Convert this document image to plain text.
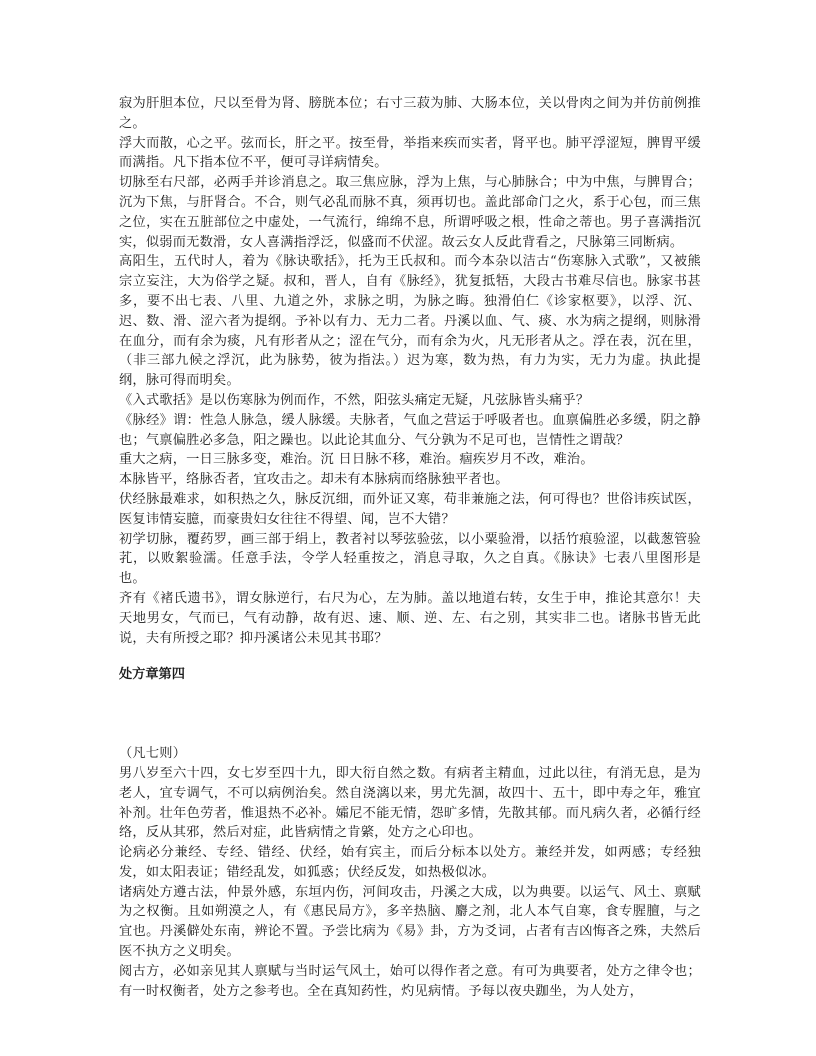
寂为肝胆本位，尺以至骨为肾、膀胱本位；右寸三菽为肺、大肠本位，关以骨肉之间为并仿前例推之。

浮大而散，心之平。弦而长，肝之平。按至骨，举指来疾而实者，肾平也。肺平浮涩短，脾胃平缓而满指。凡下指本位不平，便可寻详病情矣。

切脉至右尺部，必两手并诊消息之。取三焦应脉，浮为上焦，与心肺脉合；中为中焦，与脾胃合；沉为下焦，与肝肾合。不合，则气必乱而脉不真，须再切也。盖此部命门之火，系于心包，而三焦之位，实在五脏部位之中虚处，一气流行，绵绵不息，所谓呼吸之根，性命之蒂也。男子喜满指沉实，似弱而无数滑，女人喜满指浮泛，似盛而不伏涩。故云女人反此背看之，尺脉第三同断病。

高阳生，五代时人，着为《脉诀歌括》，托为王氏叔和。而今本杂以洁古“伤寒脉入式歌”，又被熊宗立妄注，大为俗学之疑。叔和，晋人，自有《脉经》，犹复抵牾，大段古书难尽信也。脉家书甚多，要不出七表、八里、九道之外，求脉之明，为脉之晦。独滑伯仁《诊家枢要》，以浮、沉、迟、数、滑、涩六者为提纲。予补以有力、无力二者。丹溪以血、气、痰、水为病之提纲，则脉滑在血分，而有余为痰，凡有形者从之；涩在气分，而有余为火，凡无形者从之。浮在表，沉在里，（非三部九候之浮沉，此为脉势，彼为指法。）迟为寒，数为热，有力为实，无力为虚。执此提纲，脉可得而明矣。

《入式歌括》是以伤寒脉为例而作，不然，阳弦头痛定无疑，凡弦脉皆头痛乎？

《脉经》谓：性急人脉急，缓人脉缓。夫脉者，气血之营运于呼吸者也。血禀偏胜必多缓，阴之静也；气禀偏胜必多急，阳之躁也。以此论其血分、气分孰为不足可也，岂情性之谓哉？

重大之病，一日三脉多变，难治。沉 日日脉不移，难治。痼疾岁月不改，难治。

本脉皆平，络脉否者，宜攻击之。却未有本脉病而络脉独平者也。

伏经脉最难求，如积热之久，脉反沉细，而外证又寒，苟非兼施之法，何可得也？世俗讳疾试医，医复讳情妄臆，而豪贵妇女往往不得望、闻，岂不大错？

初学切脉，覆药罗，画三部于绢上，教者衬以琴弦验弦，以小粟验滑，以括竹痕验涩，以截葱管验芤，以败絮验濡。任意手法，令学人轻重按之，消息寻取，久之自真。《脉诀》七表八里图形是也。

齐有《褚氏遗书》，谓女脉逆行，右尺为心，左为肺。盖以地道右转，女生于申，推论其意尔！夫天地男女，气而已，气有动静，故有迟、速、顺、逆、左、右之别，其实非二也。诸脉书皆无此说，夫有所授之耶？抑丹溪诸公未见其书耶？

处方章第四

（凡七则）

男八岁至六十四，女七岁至四十九，即大衍自然之数。有病者主精血，过此以往，有消无息，是为老人，宜专调气，不可以病例治矣。然自浇漓以来，男尤先涸，故四十、五十，即中寿之年，雅宜补剂。壮年色劳者，惟退热不必补。孀尼不能无情，怨旷多情，先散其郁。而凡病久者，必循行经络，反从其邪，然后对症，此皆病情之肯綮，处方之心印也。

论病必分兼经、专经、错经、伏经，始有宾主，而后分标本以处方。兼经并发，如两感；专经独发，如太阳表证；错经乱发，如狐惑；伏经反发，如热极似冰。

诸病处方遵古法，仲景外感，东垣内伤，河间攻击，丹溪之大成，以为典要。以运气、风土、禀赋为之权衡。且如朔漠之人，有《惠民局方》，多辛热脑、麝之剂，北人本气自寒，食专腥膻，与之宜也。丹溪僻处东南，辨论不置。予尝比病为《易》卦，方为爻词，占者有吉凶悔吝之殊，夫然后医不执方之义明矣。

阅古方，必如亲见其人禀赋与当时运气风土，始可以得作者之意。有可为典要者，处方之律令也；有一时权衡者，处方之参考也。全在真知药性，灼见病情。予每以夜央跏坐，为人处方，
